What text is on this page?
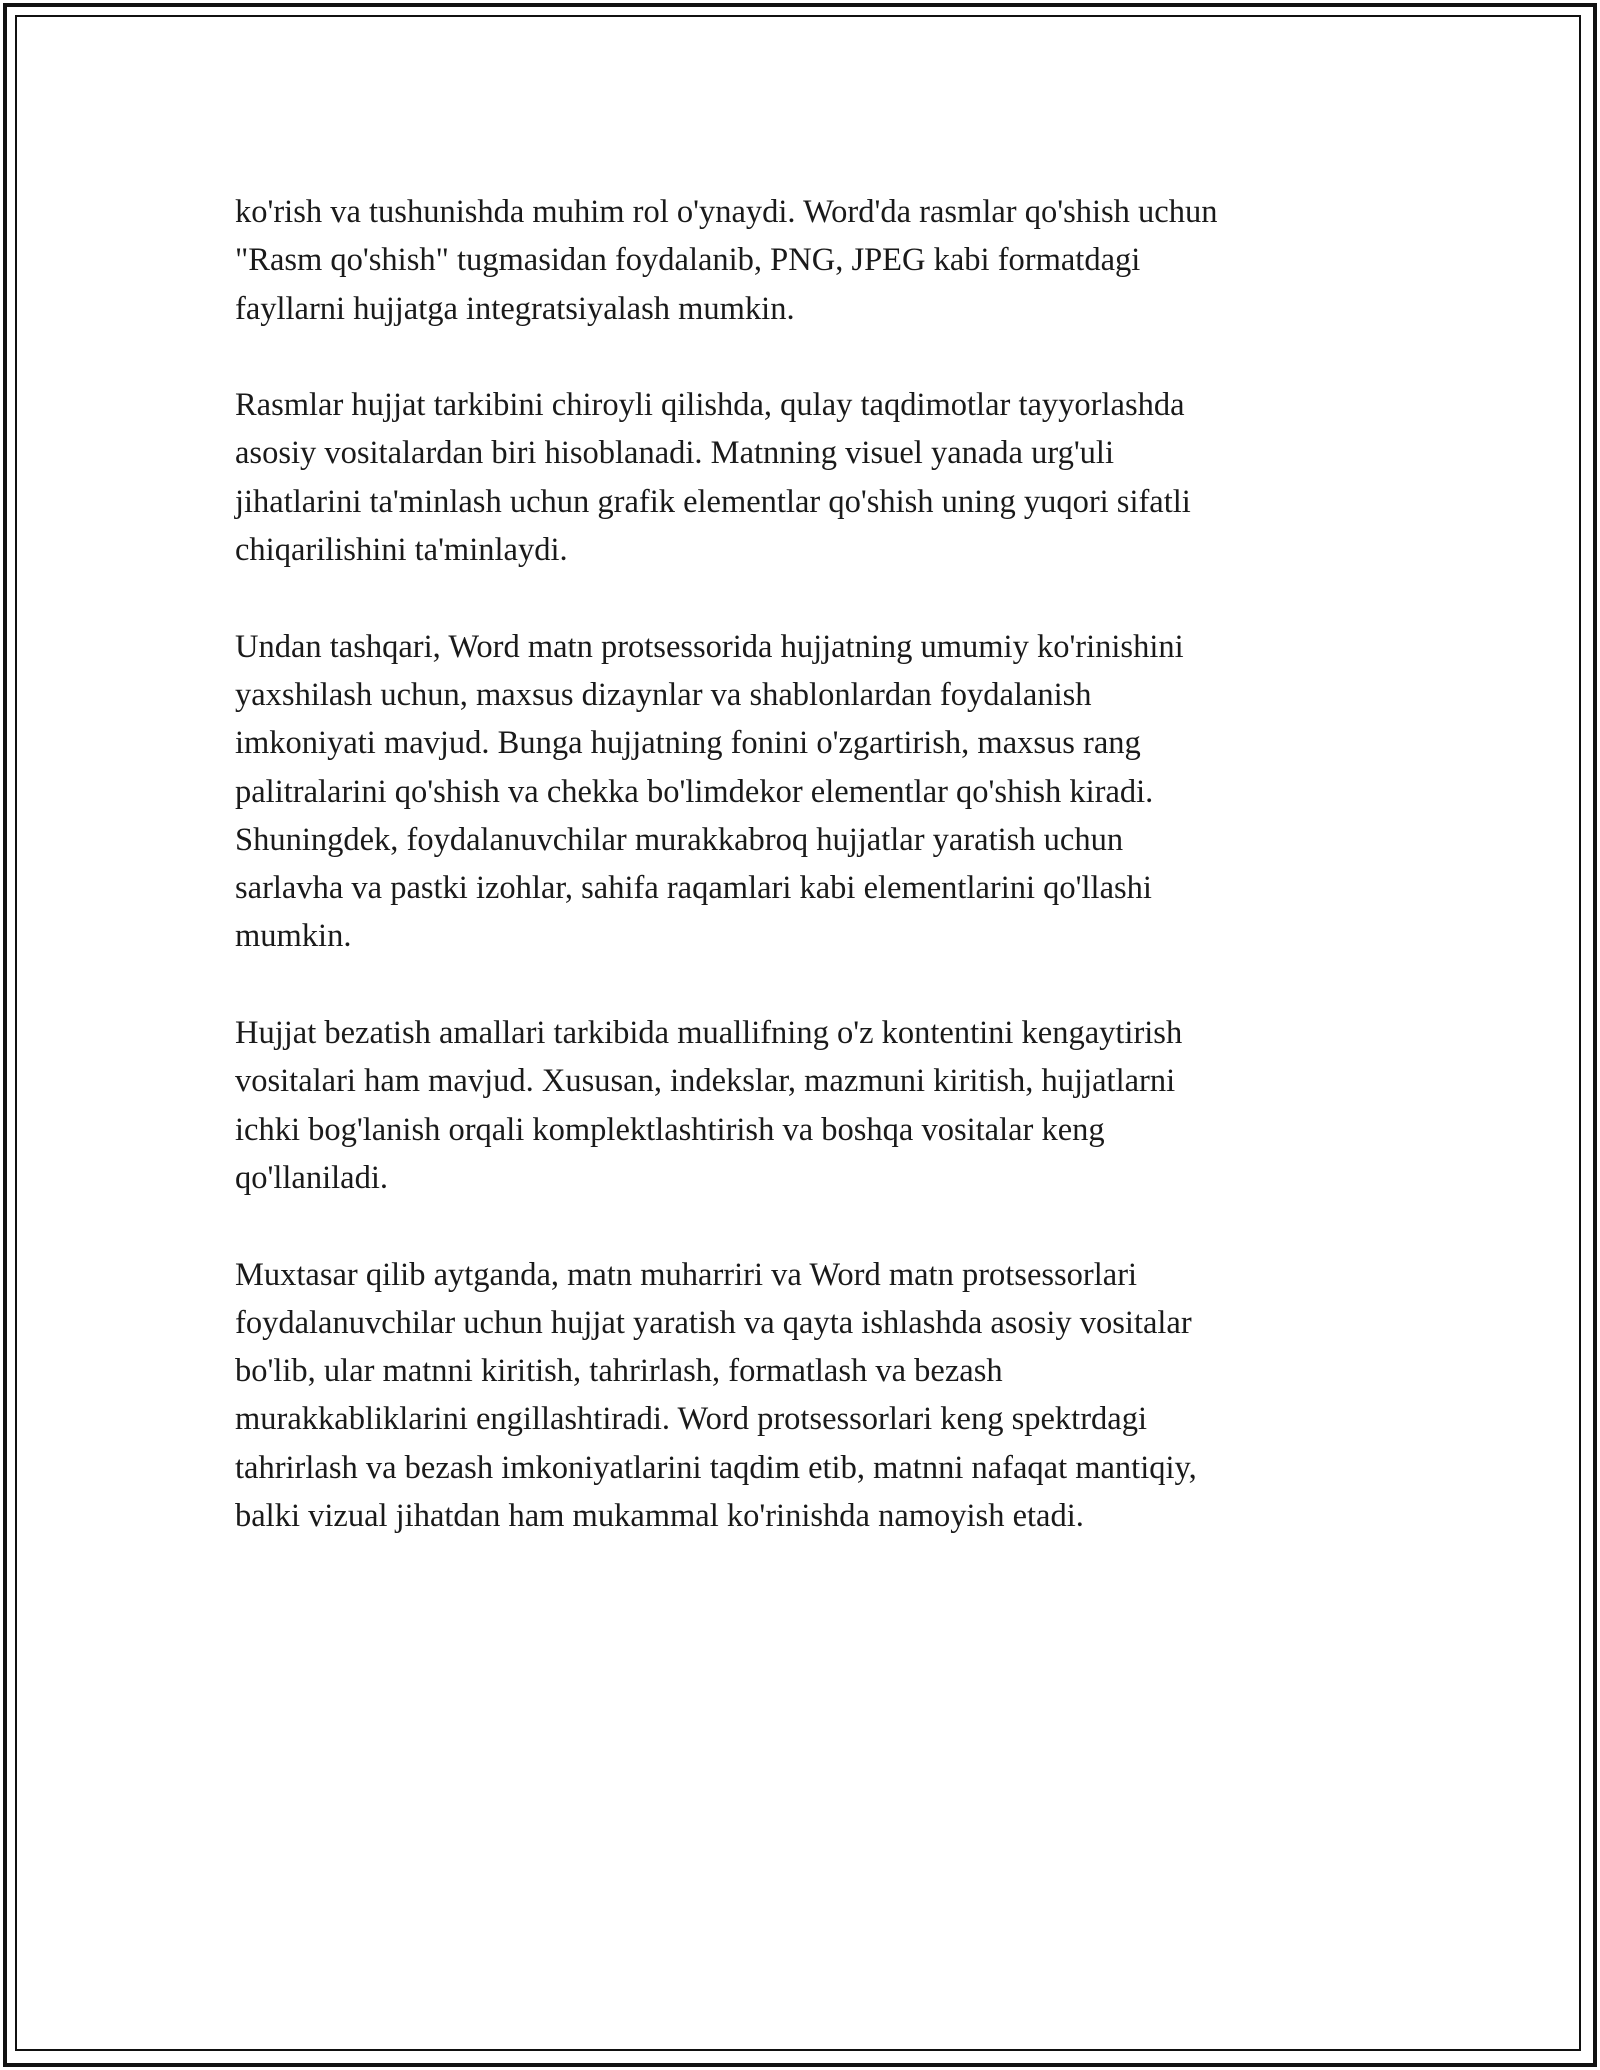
ko'rish va tushunishda muhim rol o'ynaydi. Word'da rasmlar qo'shish uchun
"Rasm qo'shish" tugmasidan foydalanib, PNG, JPEG kabi formatdagi
fayllarni hujjatga integratsiyalash mumkin.

Rasmlar hujjat tarkibini chiroyli qilishda, qulay taqdimotlar tayyorlashda
asosiy vositalardan biri hisoblanadi. Matnning visuel yanada urg'uli
jihatlarini ta'minlash uchun grafik elementlar qo'shish uning yuqori sifatli
chiqarilishini ta'minlaydi.

Undan tashqari, Word matn protsessorida hujjatning umumiy ko'rinishini
yaxshilash uchun, maxsus dizaynlar va shablonlardan foydalanish
imkoniyati mavjud. Bunga hujjatning fonini o'zgartirish, maxsus rang
palitralarini qo'shish va chekka bo'limdekor elementlar qo'shish kiradi.
Shuningdek, foydalanuvchilar murakkabroq hujjatlar yaratish uchun
sarlavha va pastki izohlar, sahifa raqamlari kabi elementlarini qo'llashi
mumkin.

Hujjat bezatish amallari tarkibida muallifning o'z kontentini kengaytirish
vositalari ham mavjud. Xususan, indekslar, mazmuni kiritish, hujjatlarni
ichki bog'lanish orqali komplektlashtirish va boshqa vositalar keng
qo'llaniladi.

Muxtasar qilib aytganda, matn muharriri va Word matn protsessorlari
foydalanuvchilar uchun hujjat yaratish va qayta ishlashda asosiy vositalar
bo'lib, ular matnni kiritish, tahrirlash, formatlash va bezash
murakkabliklarini engillashtiradi. Word protsessorlari keng spektrdagi
tahrirlash va bezash imkoniyatlarini taqdim etib, matnni nafaqat mantiqiy,
balki vizual jihatdan ham mukammal ko'rinishda namoyish etadi.
